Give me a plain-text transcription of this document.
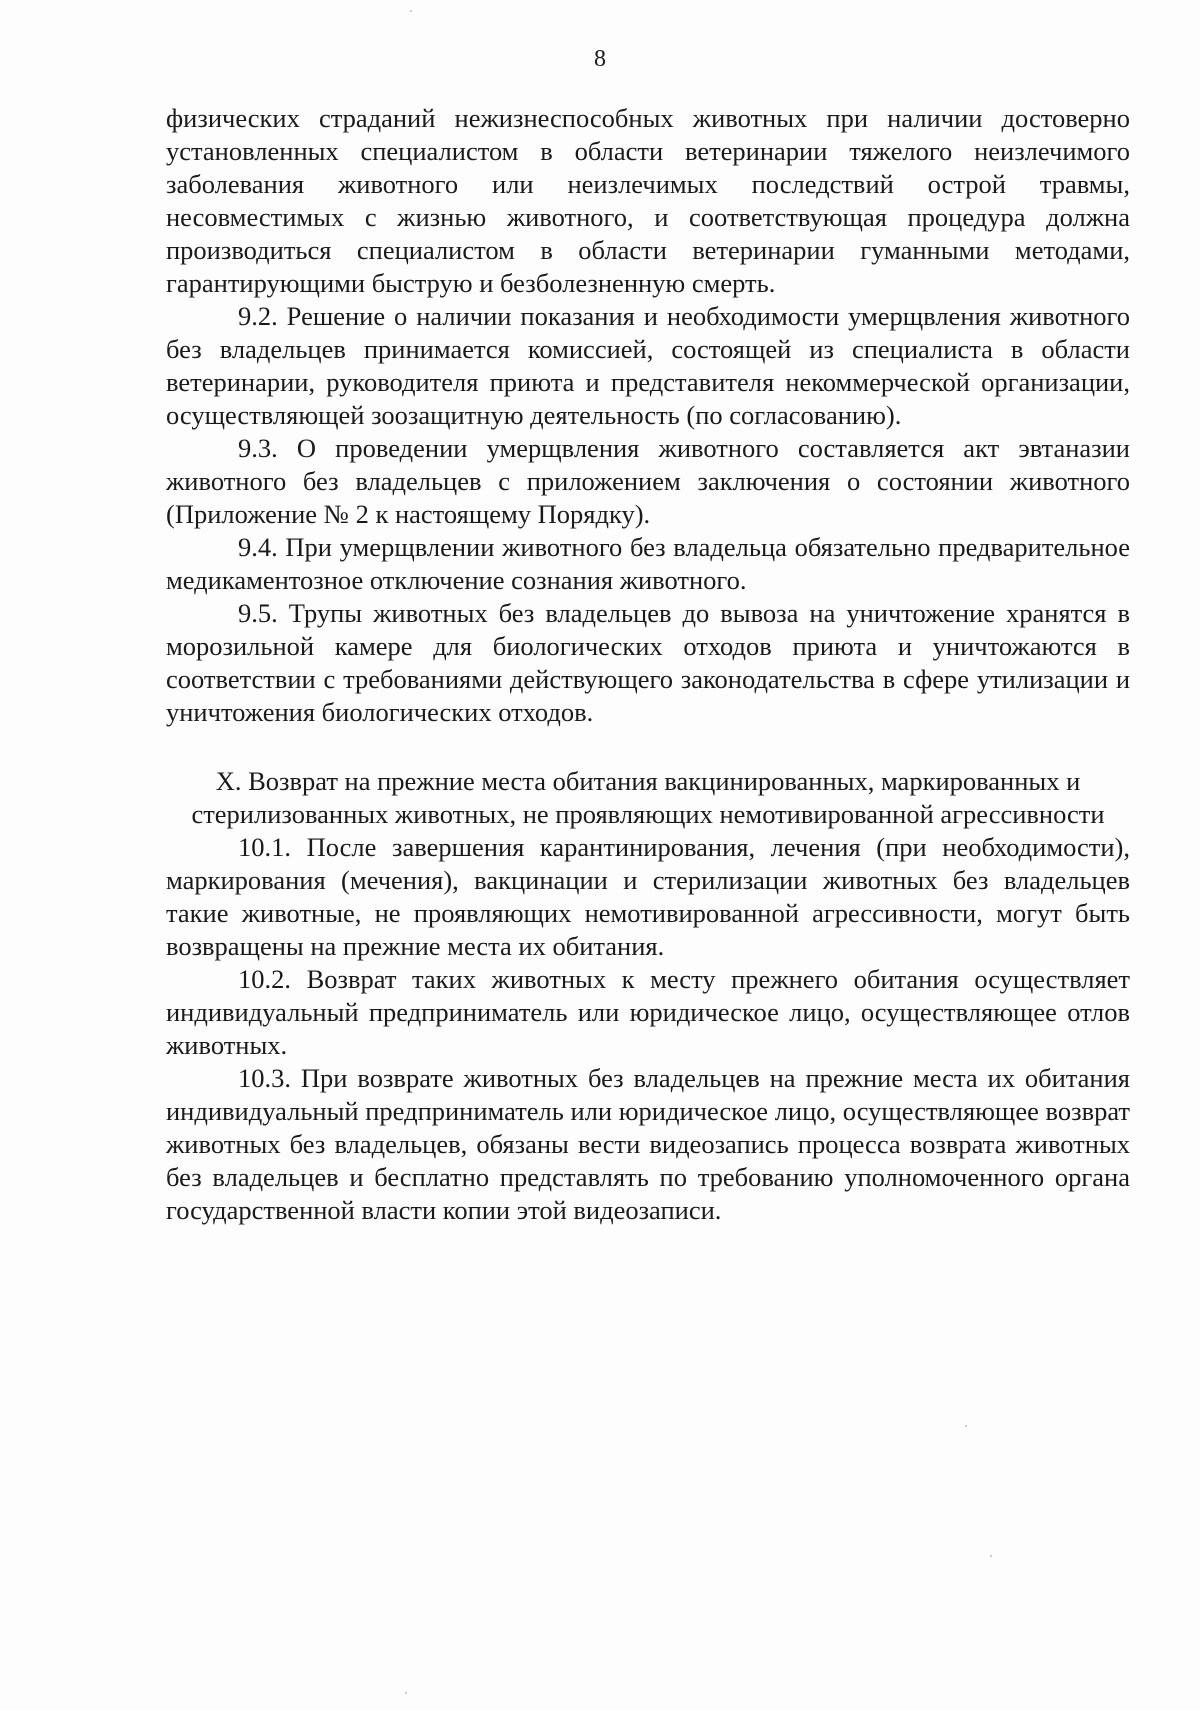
8

физических страданий нежизнеспособных животных при наличии достоверно установленных специалистом в области ветеринарии тяжелого неизлечимого заболевания животного или неизлечимых последствий острой травмы, несовместимых с жизнью животного, и соответствующая процедура должна производиться специалистом в области ветеринарии гуманными методами, гарантирующими быструю и безболезненную смерть.

9.2. Решение о наличии показания и необходимости умерщвления животного без владельцев принимается комиссией, состоящей из специалиста в области ветеринарии, руководителя приюта и представителя некоммерческой организации, осуществляющей зоозащитную деятельность (по согласованию).

9.3. О проведении умерщвления животного составляется акт эвтаназии животного без владельцев с приложением заключения о состоянии животного (Приложение № 2 к настоящему Порядку).

9.4. При умерщвлении животного без владельца обязательно предварительное медикаментозное отключение сознания животного.

9.5. Трупы животных без владельцев до вывоза на уничтожение хранятся в морозильной камере для биологических отходов приюта и уничтожаются в соответствии с требованиями действующего законодательства в сфере утилизации и уничтожения биологических отходов.

X. Возврат на прежние места обитания вакцинированных, маркированных и стерилизованных животных, не проявляющих немотивированной агрессивности

10.1. После завершения карантинирования, лечения (при необходимости), маркирования (мечения), вакцинации и стерилизации животных без владельцев такие животные, не проявляющих немотивированной агрессивности, могут быть возвращены на прежние места их обитания.

10.2. Возврат таких животных к месту прежнего обитания осуществляет индивидуальный предприниматель или юридическое лицо, осуществляющее отлов животных.

10.3. При возврате животных без владельцев на прежние места их обитания индивидуальный предприниматель или юридическое лицо, осуществляющее возврат животных без владельцев, обязаны вести видеозапись процесса возврата животных без владельцев и бесплатно представлять по требованию уполномоченного органа государственной власти копии этой видеозаписи.
